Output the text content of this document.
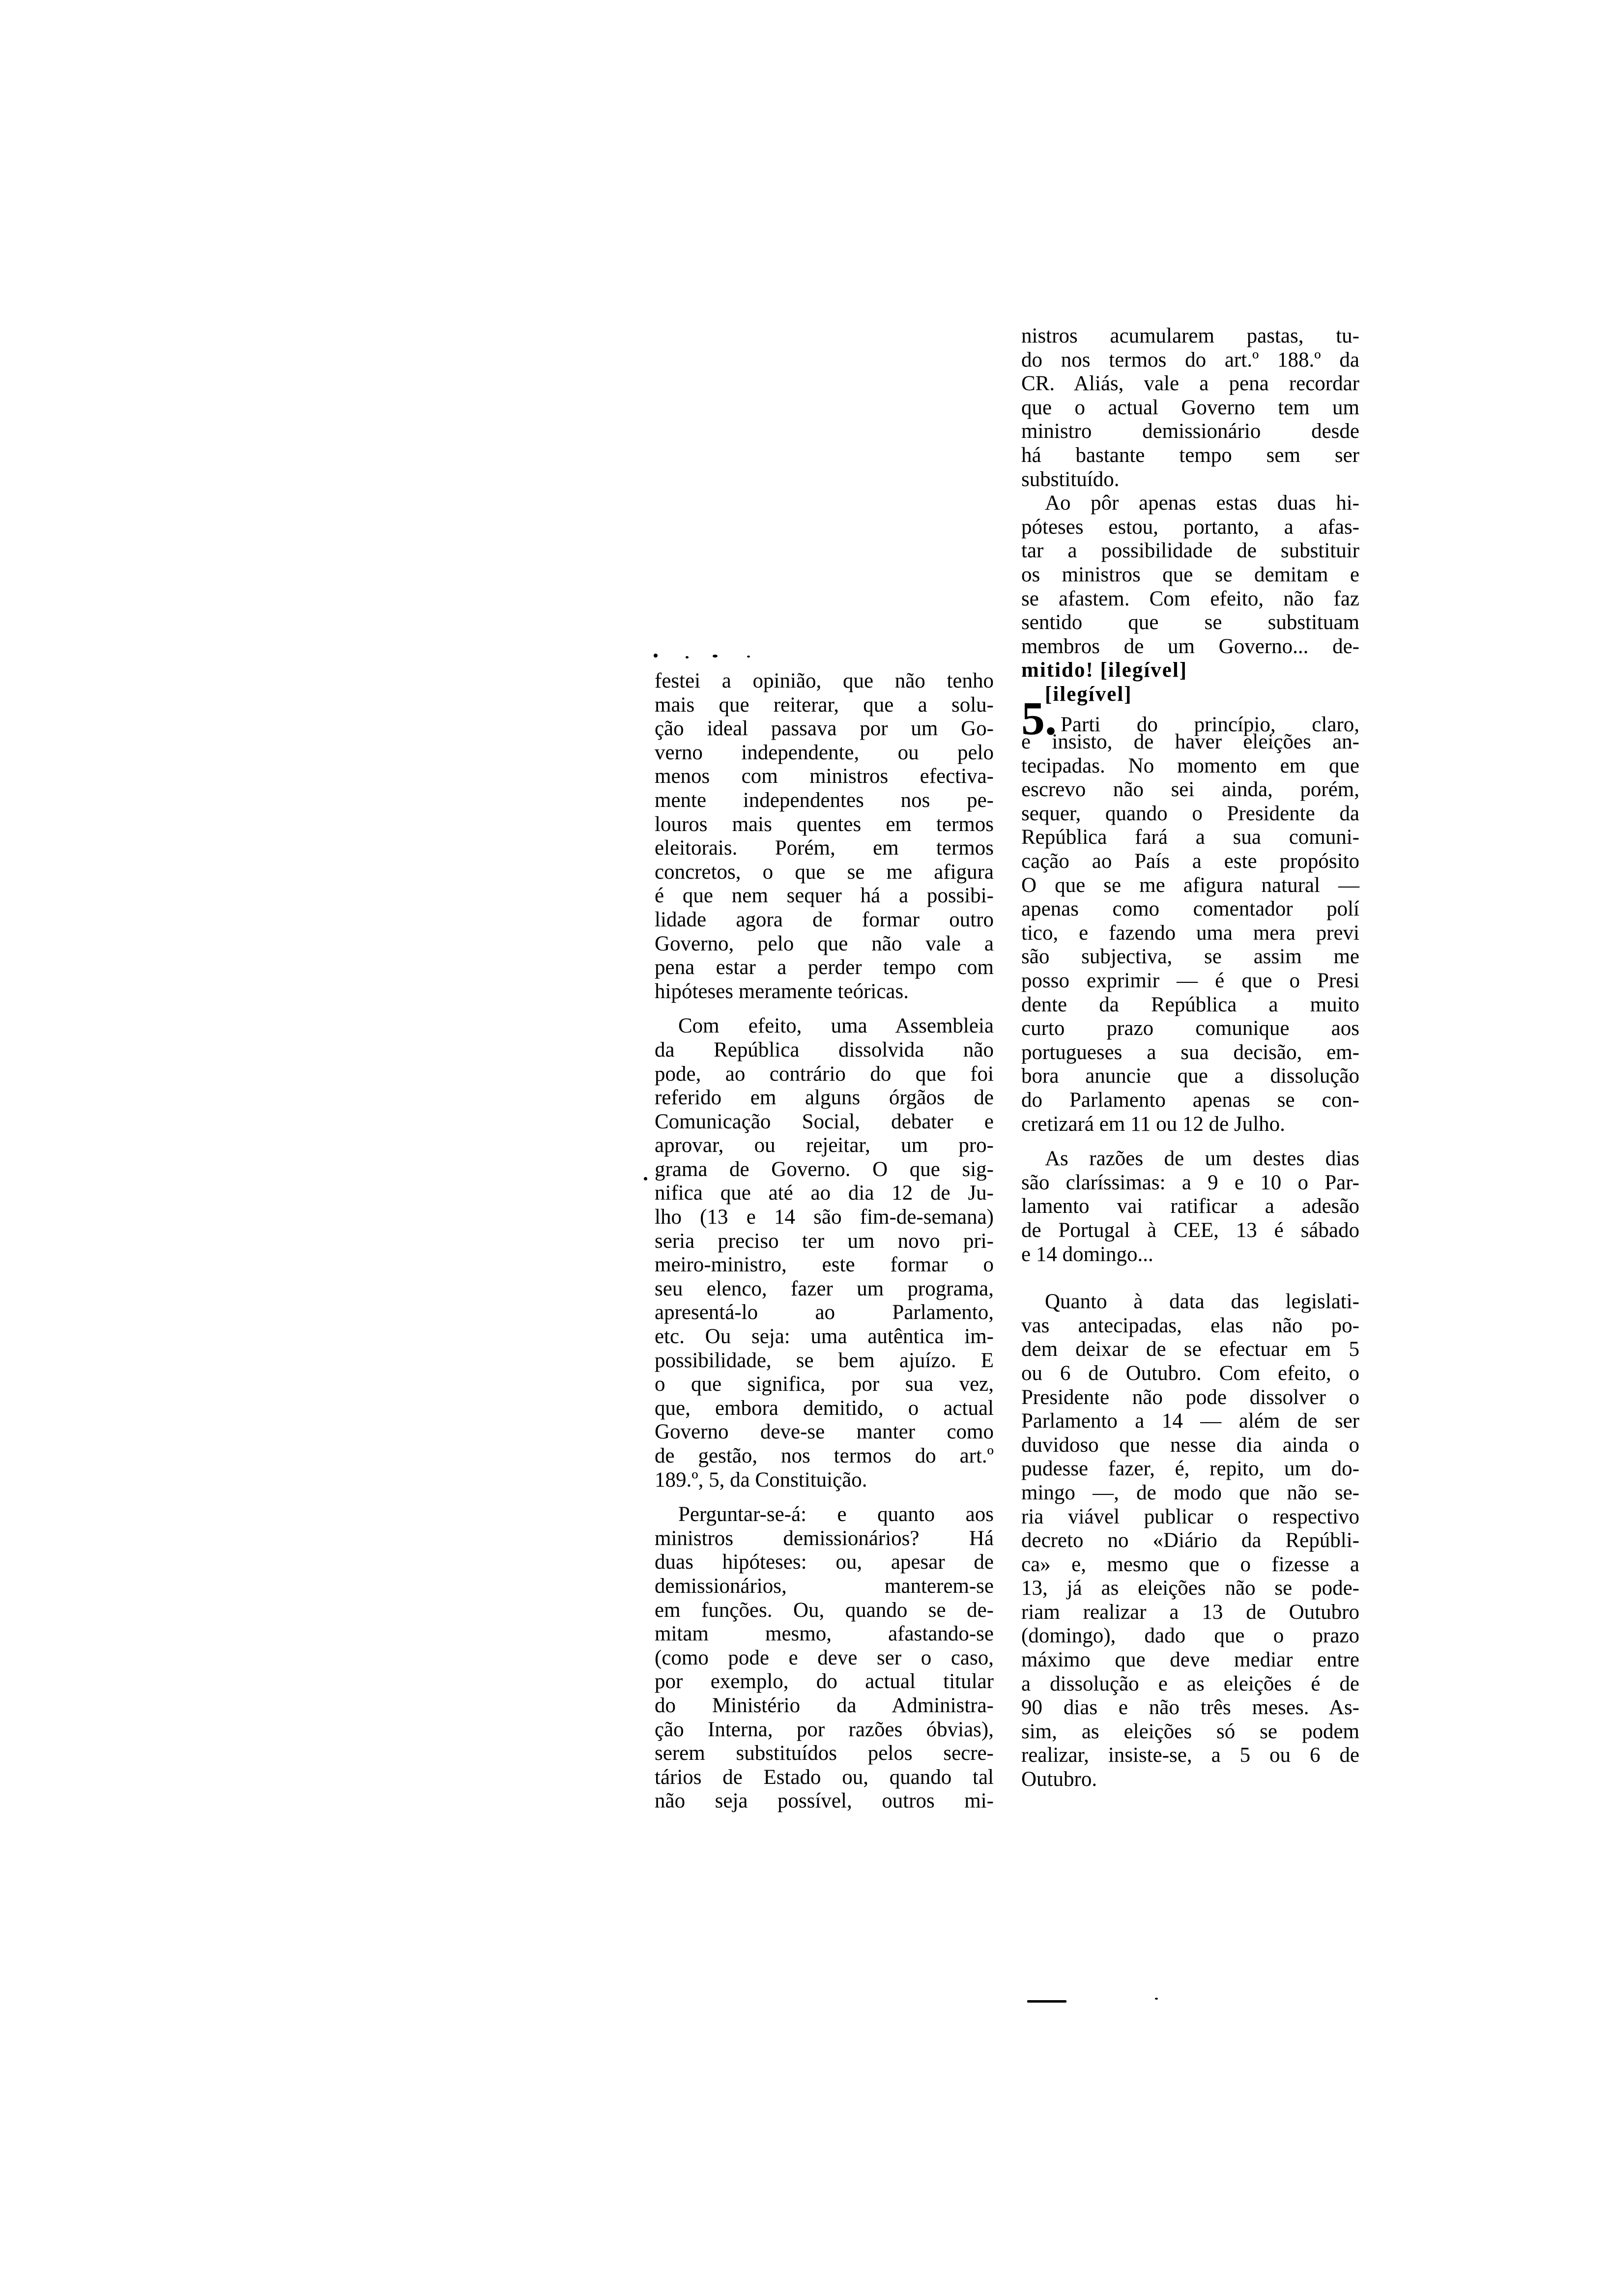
festei a opinião, que não tenho
mais que reiterar, que a solu-
ção ideal passava por um Go-
verno independente, ou pelo
menos com ministros efectiva-
mente independentes nos pe-
louros mais quentes em termos
eleitorais. Porém, em termos
concretos, o que se me afigura
é que nem sequer há a possibi-
lidade agora de formar outro
Governo, pelo que não vale a
pena estar a perder tempo com
hipóteses meramente teóricas.
Com efeito, uma Assembleia
da República dissolvida não
pode, ao contrário do que foi
referido em alguns órgãos de
Comunicação Social, debater e
aprovar, ou rejeitar, um pro-
grama de Governo. O que sig-
nifica que até ao dia 12 de Ju-
lho (13 e 14 são fim-de-semana)
seria preciso ter um novo pri-
meiro-ministro, este formar o
seu elenco, fazer um programa,
apresentá-lo ao Parlamento,
etc. Ou seja: uma autêntica im-
possibilidade, se bem ajuízo. E
o que significa, por sua vez,
que, embora demitido, o actual
Governo deve-se manter como
de gestão, nos termos do art.º
189.º, 5, da Constituição.
Perguntar-se-á: e quanto aos
ministros demissionários? Há
duas hipóteses: ou, apesar de
demissionários, manterem-se
em funções. Ou, quando se de-
mitam mesmo, afastando-se
(como pode e deve ser o caso,
por exemplo, do actual titular
do Ministério da Administra-
ção Interna, por razões óbvias),
serem substituídos pelos secre-
tários de Estado ou, quando tal
não seja possível, outros mi-
nistros acumularem pastas, tu-
do nos termos do art.º 188.º da
CR. Aliás, vale a pena recordar
que o actual Governo tem um
ministro demissionário desde
há bastante tempo sem ser
substituído.
Ao pôr apenas estas duas hi-
póteses estou, portanto, a afas-
tar a possibilidade de substituir
os ministros que se demitam e
se afastem. Com efeito, não faz
sentido que se substituam
membros de um Governo... de-
mitido! [ilegível]
[ilegível]
5. Parti do princípio, claro,
e insisto, de haver eleições an-
tecipadas. No momento em que
escrevo não sei ainda, porém,
sequer, quando o Presidente da
República fará a sua comuni-
cação ao País a este propósito
O que se me afigura natural —
apenas como comentador polí
tico, e fazendo uma mera previ
são subjectiva, se assim me
posso exprimir — é que o Presi
dente da República a muito
curto prazo comunique aos
portugueses a sua decisão, em-
bora anuncie que a dissolução
do Parlamento apenas se con-
cretizará em 11 ou 12 de Julho.
As razões de um destes dias
são claríssimas: a 9 e 10 o Par-
lamento vai ratificar a adesão
de Portugal à CEE, 13 é sábado
e 14 domingo...
Quanto à data das legislati-
vas antecipadas, elas não po-
dem deixar de se efectuar em 5
ou 6 de Outubro. Com efeito, o
Presidente não pode dissolver o
Parlamento a 14 — além de ser
duvidoso que nesse dia ainda o
pudesse fazer, é, repito, um do-
mingo —, de modo que não se-
ria viável publicar o respectivo
decreto no «Diário da Repúbli-
ca» e, mesmo que o fizesse a
13, já as eleições não se pode-
riam realizar a 13 de Outubro
(domingo), dado que o prazo
máximo que deve mediar entre
a dissolução e as eleições é de
90 dias e não três meses. As-
sim, as eleições só se podem
realizar, insiste-se, a 5 ou 6 de
Outubro.
